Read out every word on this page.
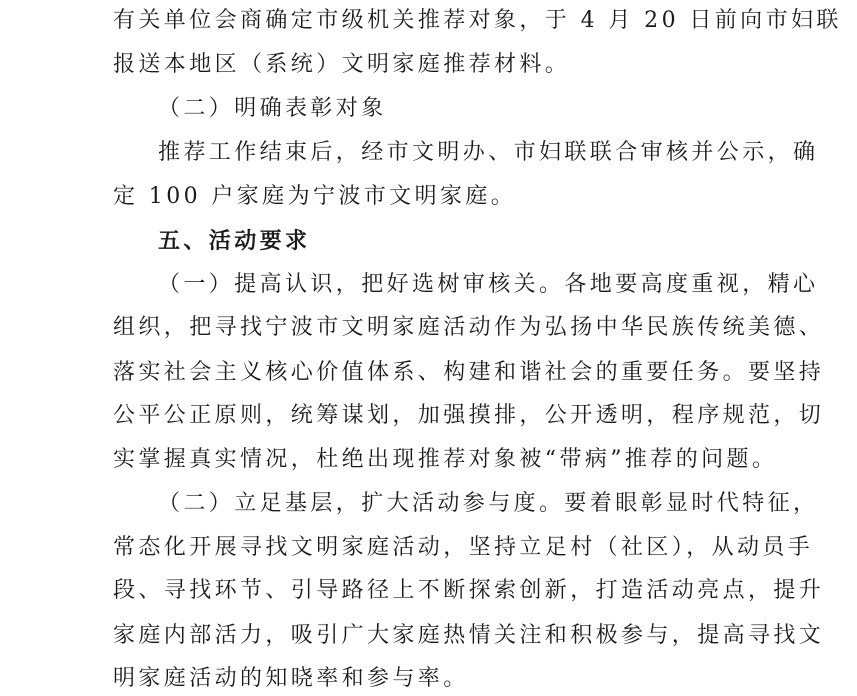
有关单位会商确定市级机关推荐对象，于 4 月 20 日前向市妇联
报送本地区（系统）文明家庭推荐材料。
（二）明确表彰对象
推荐工作结束后，经市文明办、市妇联联合审核并公示，确
定 100 户家庭为宁波市文明家庭。
五、活动要求
（一）提高认识，把好选树审核关。各地要高度重视，精心
组织，把寻找宁波市文明家庭活动作为弘扬中华民族传统美德、
落实社会主义核心价值体系、构建和谐社会的重要任务。要坚持
公平公正原则，统筹谋划，加强摸排，公开透明，程序规范，切
实掌握真实情况，杜绝出现推荐对象被“带病”推荐的问题。
（二）立足基层，扩大活动参与度。要着眼彰显时代特征，
常态化开展寻找文明家庭活动，坚持立足村（社区），从动员手
段、寻找环节、引导路径上不断探索创新，打造活动亮点，提升
家庭内部活力，吸引广大家庭热情关注和积极参与，提高寻找文
明家庭活动的知晓率和参与率。
